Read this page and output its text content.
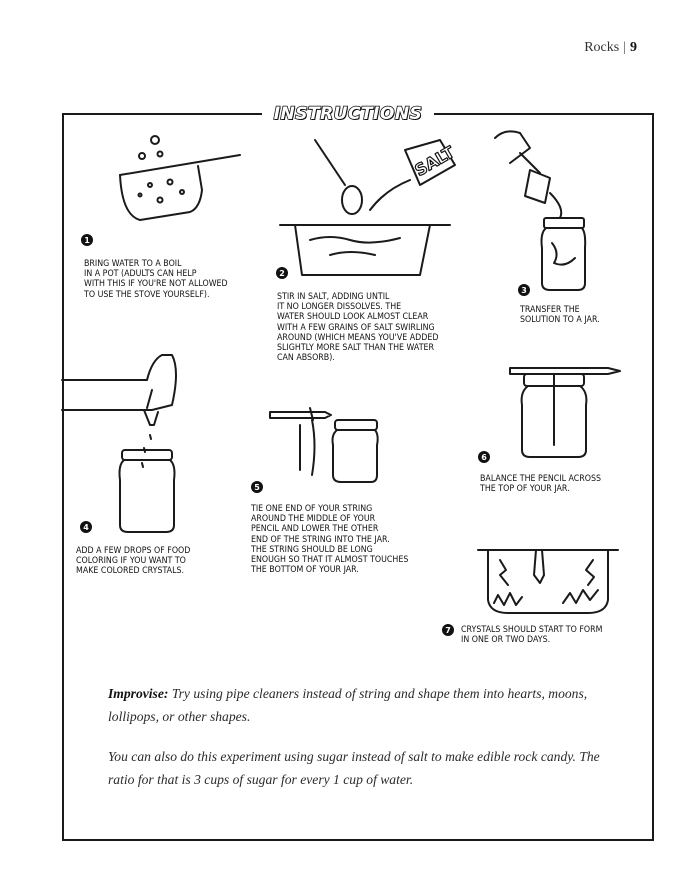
Rocks | 9
INSTRUCTIONS
1
BRING WATER TO A BOIL
IN A POT (ADULTS CAN HELP
WITH THIS IF YOU'RE NOT ALLOWED
TO USE THE STOVE YOURSELF).
SALT
2
STIR IN SALT, ADDING UNTIL
IT NO LONGER DISSOLVES. THE
WATER SHOULD LOOK ALMOST CLEAR
WITH A FEW GRAINS OF SALT SWIRLING
AROUND (WHICH MEANS YOU'VE ADDED
SLIGHTLY MORE SALT THAN THE WATER
CAN ABSORB).
3
TRANSFER THE
SOLUTION TO A JAR.
4
ADD A FEW DROPS OF FOOD
COLORING IF YOU WANT TO
MAKE COLORED CRYSTALS.
5
TIE ONE END OF YOUR STRING
AROUND THE MIDDLE OF YOUR
PENCIL AND LOWER THE OTHER
END OF THE STRING INTO THE JAR.
THE STRING SHOULD BE LONG
ENOUGH SO THAT IT ALMOST TOUCHES
THE BOTTOM OF YOUR JAR.
6
BALANCE THE PENCIL ACROSS
THE TOP OF YOUR JAR.
7	CRYSTALS SHOULD START TO FORM
IN ONE OR TWO DAYS.
Improvise: Try using pipe cleaners instead of string and shape them into hearts, moons, lollipops, or other shapes.
You can also do this experiment using sugar instead of salt to make edible rock candy. The ratio for that is 3 cups of sugar for every 1 cup of water.
